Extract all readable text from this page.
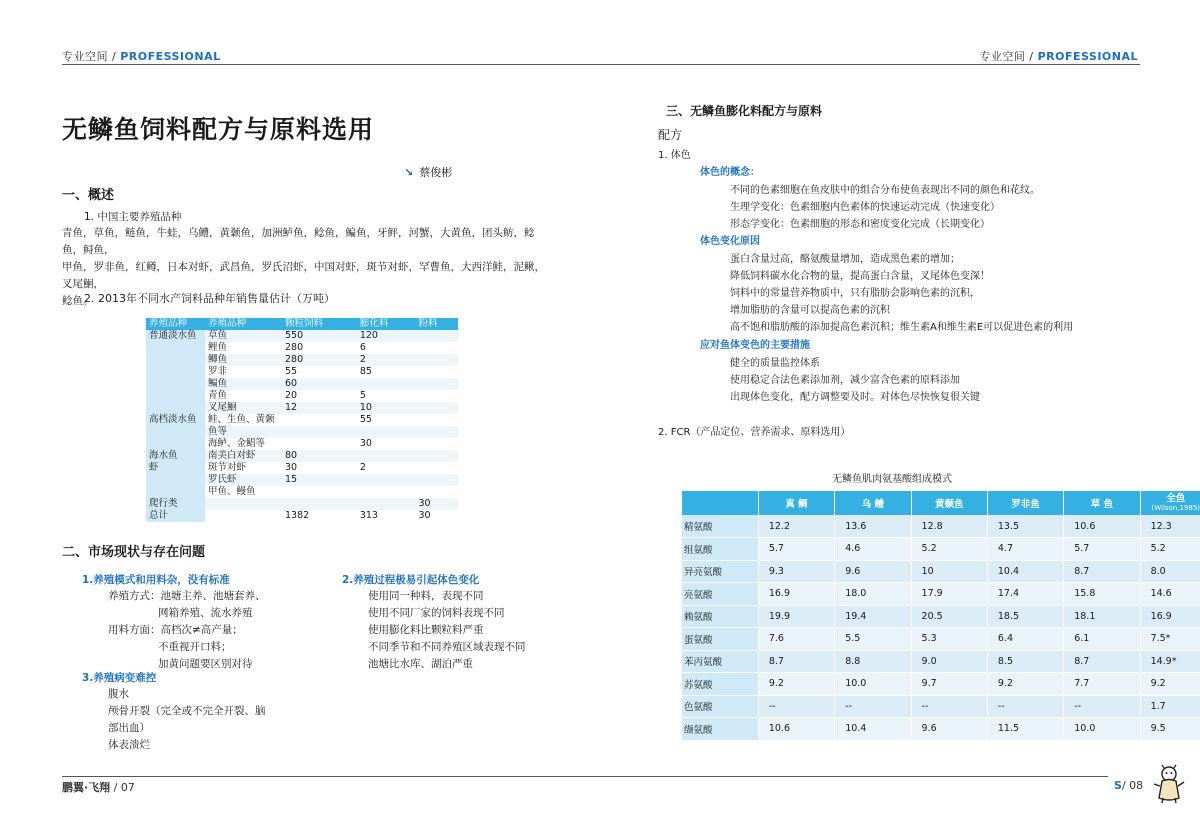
专业空间 / PROFESSIONAL
无鳞鱼饲料配方与原料选用
↘ 蔡俊彬
一、概述
1. 中国主要养殖品种
青鱼，草鱼，鲢鱼，牛蛙，乌鳢，黄颡鱼，加洲鲈鱼，鲶鱼，鳊鱼，牙鲆，河蟹，大黄鱼，团头鲂，鲶鱼，鲟鱼，
甲鱼，罗非鱼，红鳟，日本对虾，武昌鱼，罗氏沼虾，中国对虾，斑节对虾，罕曹鱼，大西洋鲑，泥鳅，叉尾鮰，
鲶鱼。
2. 2013年不同水产饲料品种年销售量估计（万吨）
养殖品种	养殖品种	颗粒饲料	膨化料	粉料
普通淡水鱼	草鱼	550	120	
	鲤鱼	280	6	
	鲫鱼	280	2	
	罗非	55	85	
	鳊鱼	60		
	青鱼	20	5	
	叉尾鮰	12	10	
高档淡水鱼	鲑、生鱼、黄颡		55	
	鱼等			
	海鲈、金鲳等		30	
海水鱼	南美白对虾	80		
虾	斑节对虾	30	2	
	罗氏虾	15		
	甲鱼、鳗鱼			
爬行类				30
总计		1382	313	30
二、市场现状与存在问题
1.养殖模式和用料杂，没有标准
养殖方式：池塘主养、池塘套养、
网箱养殖、流水养殖
用料方面：高档次≠高产量；
不重视开口料；
加黄问题要区别对待
2.养殖过程极易引起体色变化
使用同一种料，表现不同
使用不同厂家的饲料表现不同
使用膨化料比颗粒料严重
不同季节和不同养殖区域表现不同
池塘比水库、湖泊严重
3.养殖病变难控
腹水
颅骨开裂（完全或不完全开裂、脑
部出血）
体表溃烂
鹏翼·飞翔 / 07
专业空间 / PROFESSIONAL
三、无鳞鱼膨化料配方与原料
配方
1. 体色
体色的概念：
不同的色素细胞在鱼皮肤中的组合分布使鱼表现出不同的颜色和花纹。
生理学变化：色素细胞内色素体的快速运动完成（快速变化）
形态学变化：色素细胞的形态和密度变化完成（长期变化）
体色变化原因
蛋白含量过高，酪氨酸量增加，造成黑色素的增加；
降低饲料碳水化合物的量，提高蛋白含量，叉尾体色变深！
饲料中的常量营养物质中，只有脂肪会影响色素的沉积，
增加脂肪的含量可以提高色素的沉积
高不饱和脂肪酸的添加提高色素沉积；维生素A和维生素E可以促进色素的利用
应对鱼体变色的主要措施
健全的质量监控体系
使用稳定合法色素添加剂，减少富含色素的原料添加
出现体色变化，配方调整要及时。对体色尽快恢复很关键
2. FCR（产品定位、营养需求、原料选用）
无鳞鱼肌肉氨基酸组成模式
	真 鲷	乌 鳢	黄颡鱼	罗非鱼	草 鱼	全鱼
(Wilson,1985)

精氨酸	12.2	13.6	12.8	13.5	10.6	12.3
组氨酸	5.7	4.6	5.2	4.7	5.7	5.2
异亮氨酸	9.3	9.6	10	10.4	8.7	8.0
亮氨酸	16.9	18.0	17.9	17.4	15.8	14.6
赖氨酸	19.9	19.4	20.5	18.5	18.1	16.9
蛋氨酸	7.6	5.5	5.3	6.4	6.1	7.5*
苯丙氨酸	8.7	8.8	9.0	8.5	8.7	14.9*
苏氨酸	9.2	10.0	9.7	9.2	7.7	9.2
色氨酸	--	--	--	--	--	1.7
缬氨酸	10.6	10.4	9.6	11.5	10.0	9.5
S/ 08
